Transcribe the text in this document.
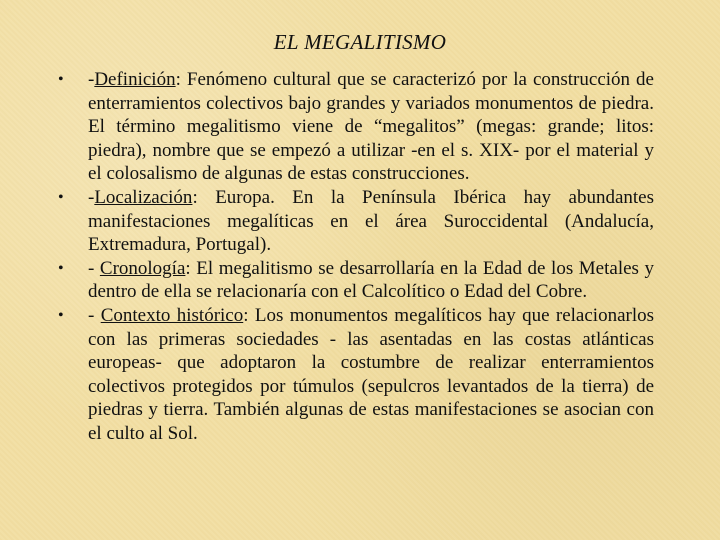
EL MEGALITISMO
• -Definición: Fenómeno cultural que se caracterizó por la construcción de enterramientos colectivos bajo grandes y variados monumentos de piedra. El término megalitismo viene de “megalitos” (megas: grande; litos: piedra), nombre que se empezó a utilizar -en el s. XIX- por el material y el colosalismo de algunas de estas construcciones.
• -Localización: Europa. En la Península Ibérica hay abundantes manifestaciones megalíticas en el área Suroccidental (Andalucía, Extremadura, Portugal).
• - Cronología: El megalitismo se desarrollaría en la Edad de los Metales y dentro de ella se relacionaría con el Calcolítico o Edad del Cobre.
• - Contexto histórico: Los monumentos megalíticos hay que relacionarlos con las primeras sociedades - las asentadas en las costas atlánticas europeas- que adoptaron la costumbre de realizar enterramientos colectivos protegidos por túmulos (sepulcros levantados de la tierra) de piedras y tierra. También algunas de estas manifestaciones se asocian con el culto al Sol.
